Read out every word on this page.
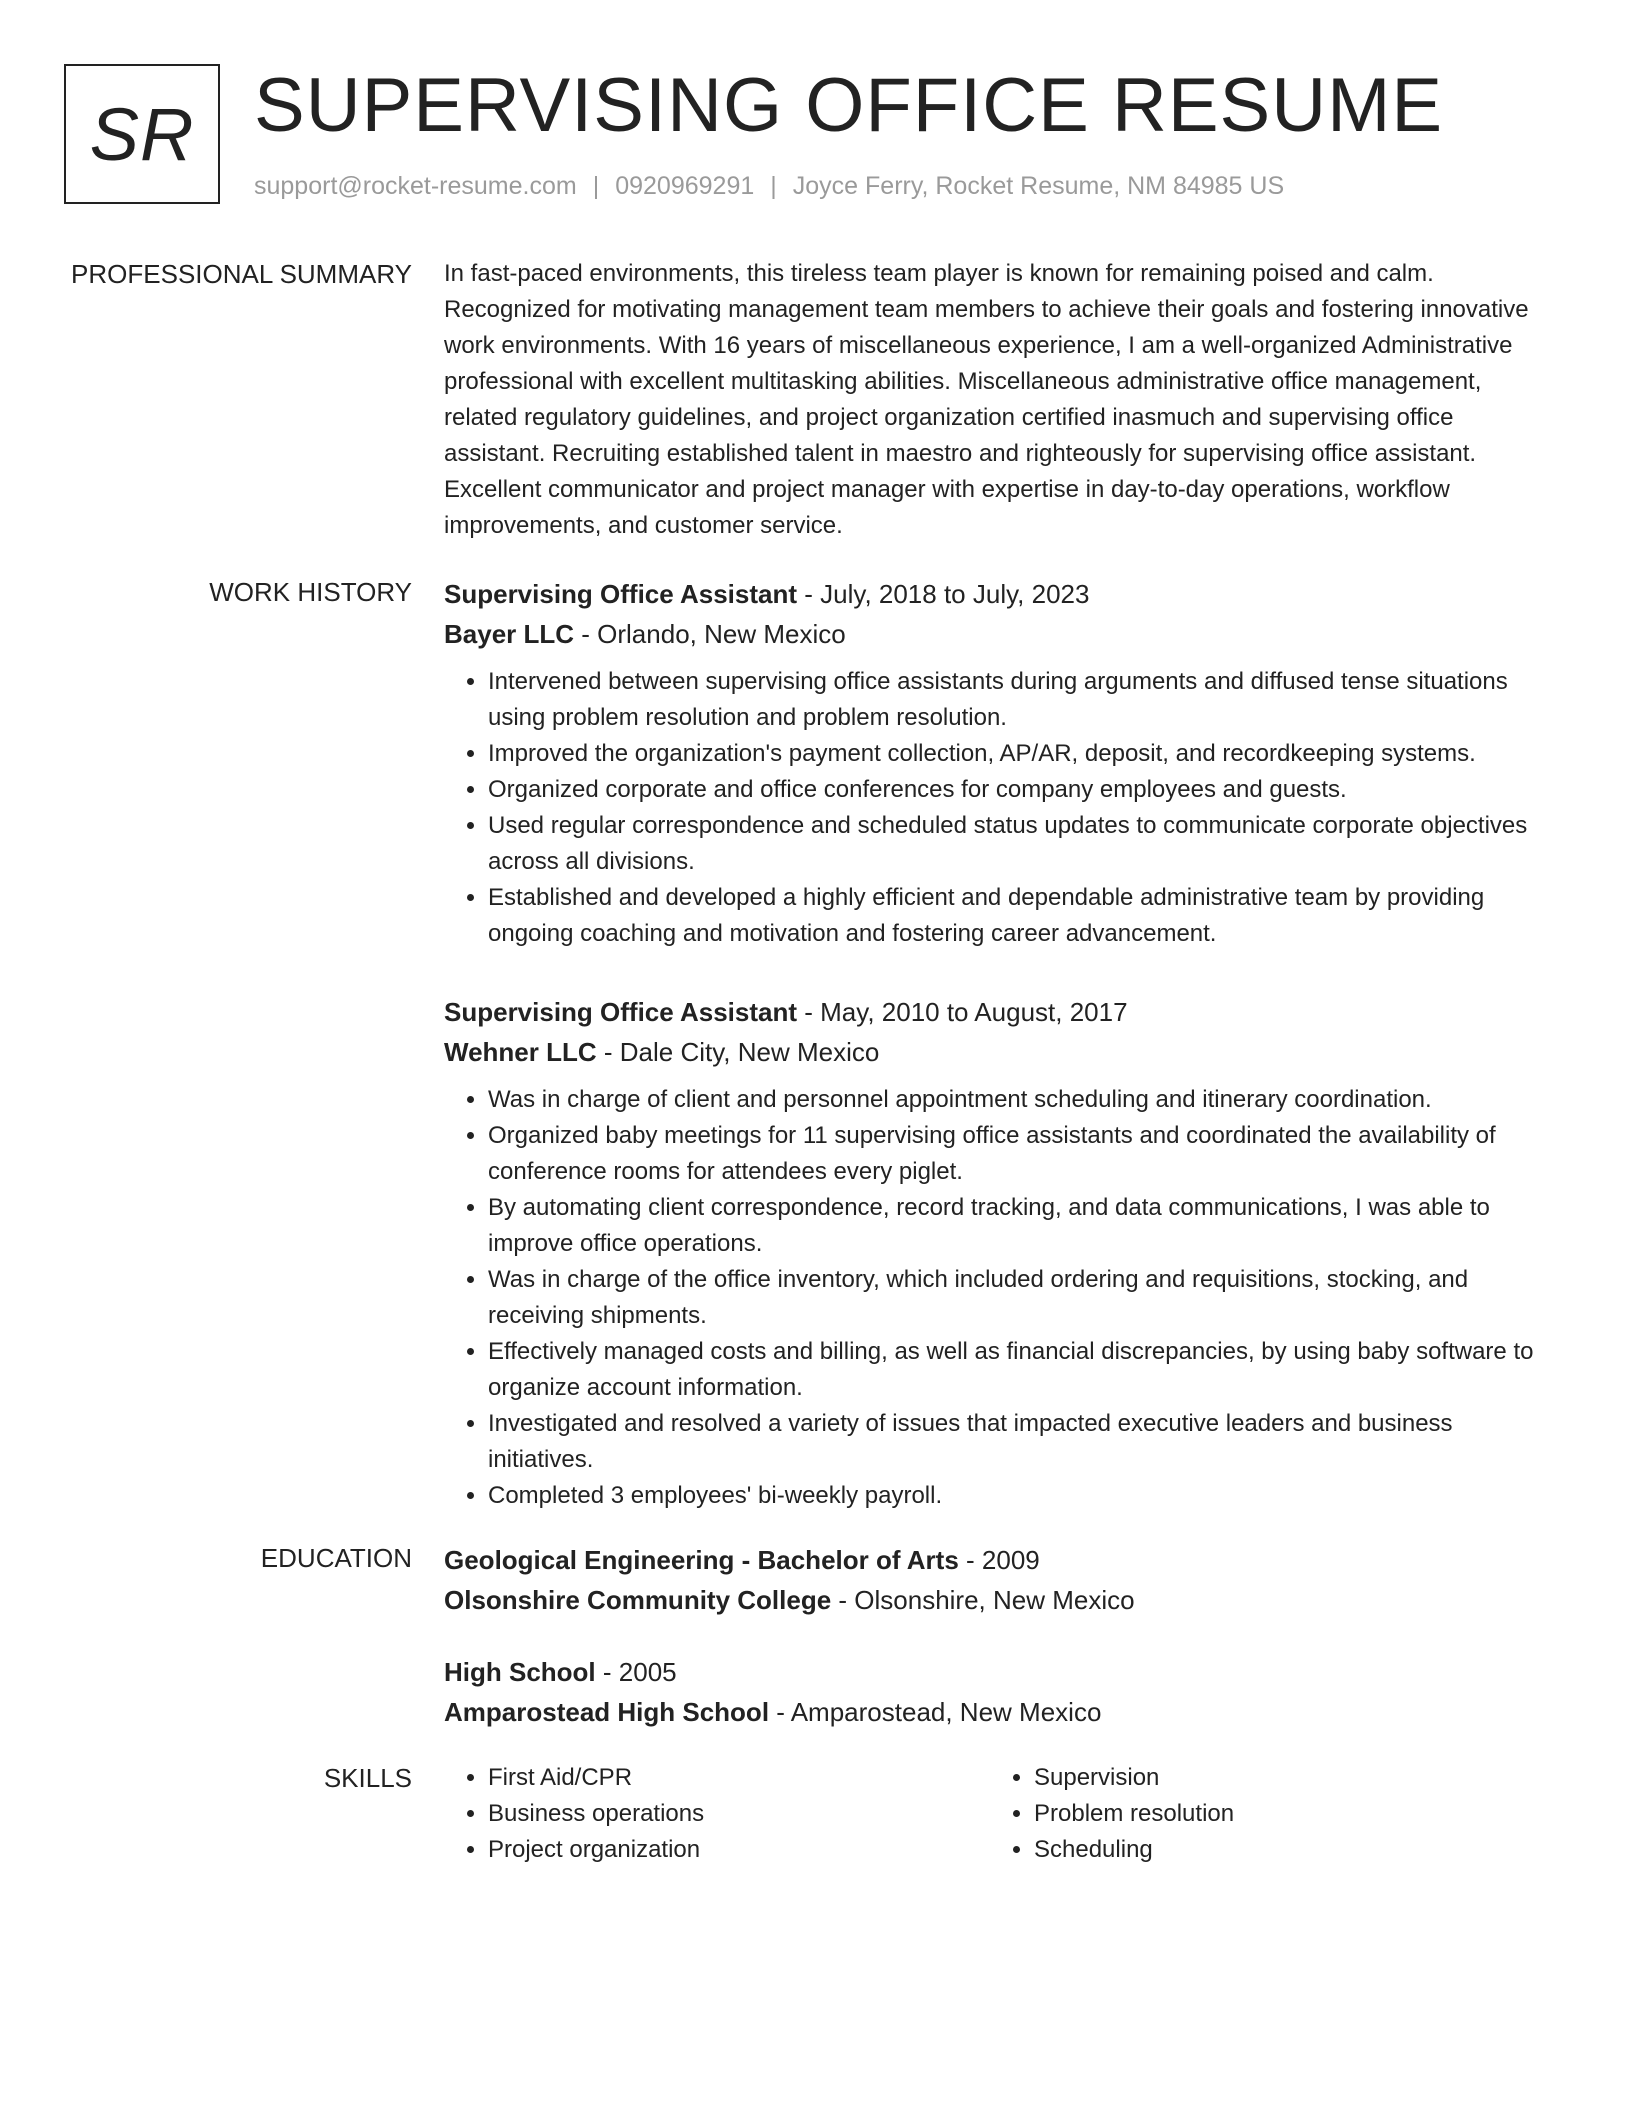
SR SUPERVISING OFFICE RESUME
support@rocket-resume.com | 0920969291 | Joyce Ferry, Rocket Resume, NM 84985 US
PROFESSIONAL SUMMARY In fast-paced environments, this tireless team player is known for remaining poised and calm. Recognized for motivating management team members to achieve their goals and fostering innovative work environments. With 16 years of miscellaneous experience, I am a well-organized Administrative professional with excellent multitasking abilities. Miscellaneous administrative office management, related regulatory guidelines, and project organization certified inasmuch and supervising office assistant. Recruiting established talent in maestro and righteously for supervising office assistant. Excellent communicator and project manager with expertise in day-to-day operations, workflow improvements, and customer service.

WORK HISTORY Supervising Office Assistant - July, 2018 to July, 2023

Bayer LLC - Orlando, New Mexico

• Intervened between supervising office assistants during arguments and diffused tense situations using problem resolution and problem resolution.
• Improved the organization's payment collection, AP/AR, deposit, and recordkeeping systems.
• Organized corporate and office conferences for company employees and guests.
• Used regular correspondence and scheduled status updates to communicate corporate objectives across all divisions.
• Established and developed a highly efficient and dependable administrative team by providing ongoing coaching and motivation and fostering career advancement.

Supervising Office Assistant - May, 2010 to August, 2017

Wehner LLC - Dale City, New Mexico

• Was in charge of client and personnel appointment scheduling and itinerary coordination.
• Organized baby meetings for 11 supervising office assistants and coordinated the availability of conference rooms for attendees every piglet.
• By automating client correspondence, record tracking, and data communications, I was able to improve office operations.
• Was in charge of the office inventory, which included ordering and requisitions, stocking, and receiving shipments.
• Effectively managed costs and billing, as well as financial discrepancies, by using baby software to organize account information.
• Investigated and resolved a variety of issues that impacted executive leaders and business initiatives.
• Completed 3 employees' bi-weekly payroll.
EDUCATION Geological Engineering - Bachelor of Arts - 2009

Olsonshire Community College - Olsonshire, New Mexico

High School - 2005

Amparostead High School - Amparostead, New Mexico

SKILLS
•	First Aid/CPR
• Business operations
• Project organization
• Supervision
• Problem resolution
• Scheduling
